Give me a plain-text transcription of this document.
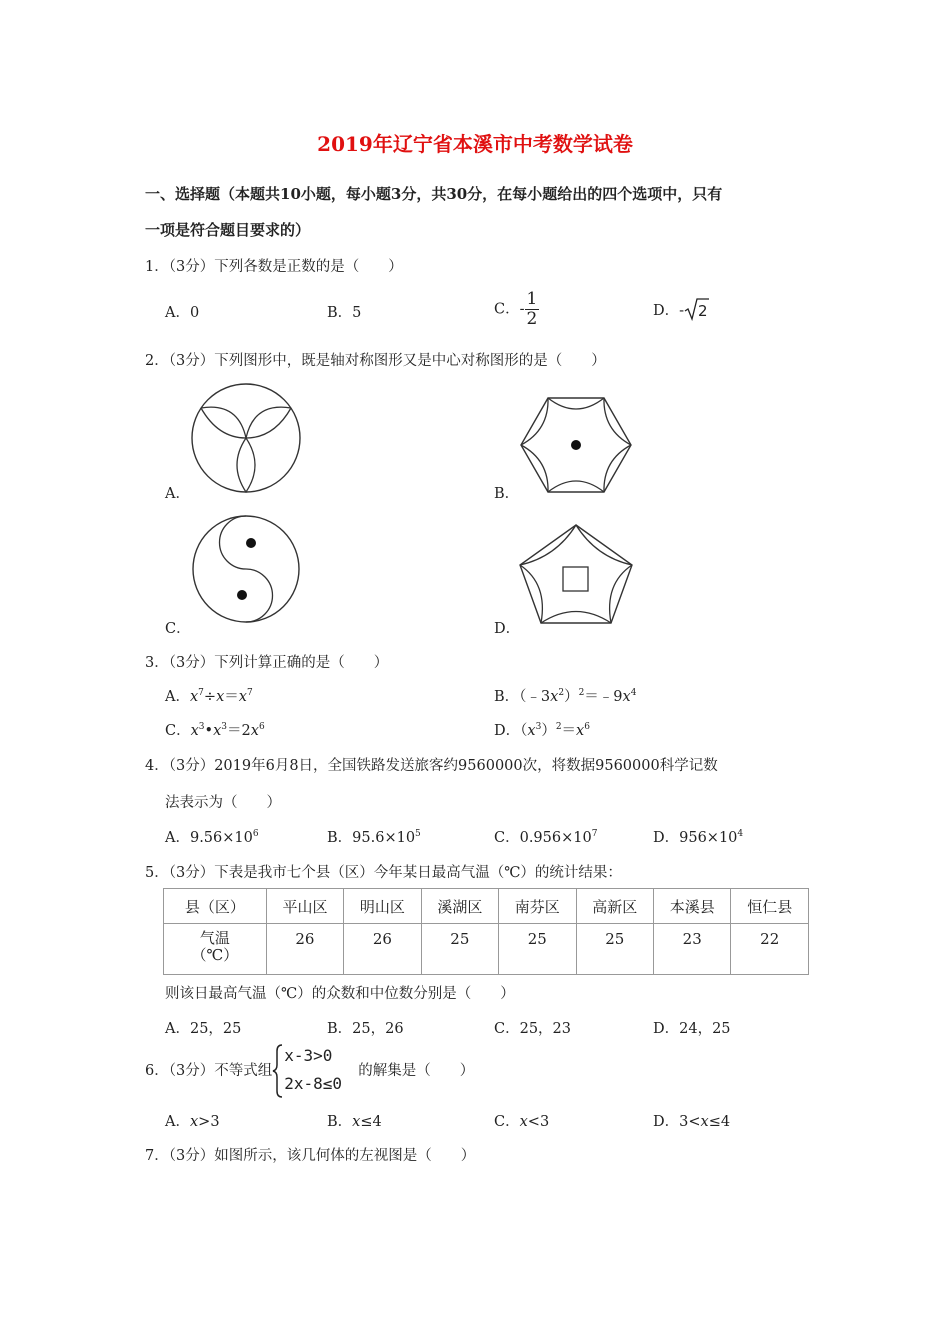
2019年辽宁省本溪市中考数学试卷
一、选择题（本题共10小题，每小题3分，共30分，在每小题给出的四个选项中，只有
一项是符合题目要求的）
1．（3分）下列各数是正数的是（　　）
A．0	B．5	C．- $\frac{1}{2}$	D．- 2
2．（3分）下列图形中，既是轴对称图形又是中心对称图形的是（　　）
A．	B．
C．	D．
3．（3分）下列计算正确的是（　　）
A．$x^7\div x=x^7$	B．$(﹣3x^2)^2=﹣9x^4$
C．$x^3•x^3=2x^6$	D．$(x^3)^2=x^6$
4．（3分）2019年6月8日，全国铁路发送旅客约9560000次，将数据9560000科学记数
法表示为（　　）
A．$9.56\times 10^6$	B．$95.6\times 10^5$	C．$0.956\times 10^7$	D．$956\times 10^4$
5．（3分）下表是我市七个县（区）今年某日最高气温（℃）的统计结果：
县（区）	平山区	明山区	溪湖区	南芬区	高新区	本溪县	恒仁县
气温
（℃）	26	26	25	25	25	23	22
则该日最高气温（℃）的众数和中位数分别是（　　）
A．25，25	B．25，26	C．25，23	D．24，25
6．（3分）不等式组
x-3>0
2x-8≤0
的解集是（　　）
A．x>3	B．x≤4	C．x<3	D．3<x≤4
7．（3分）如图所示，该几何体的左视图是（　　）
